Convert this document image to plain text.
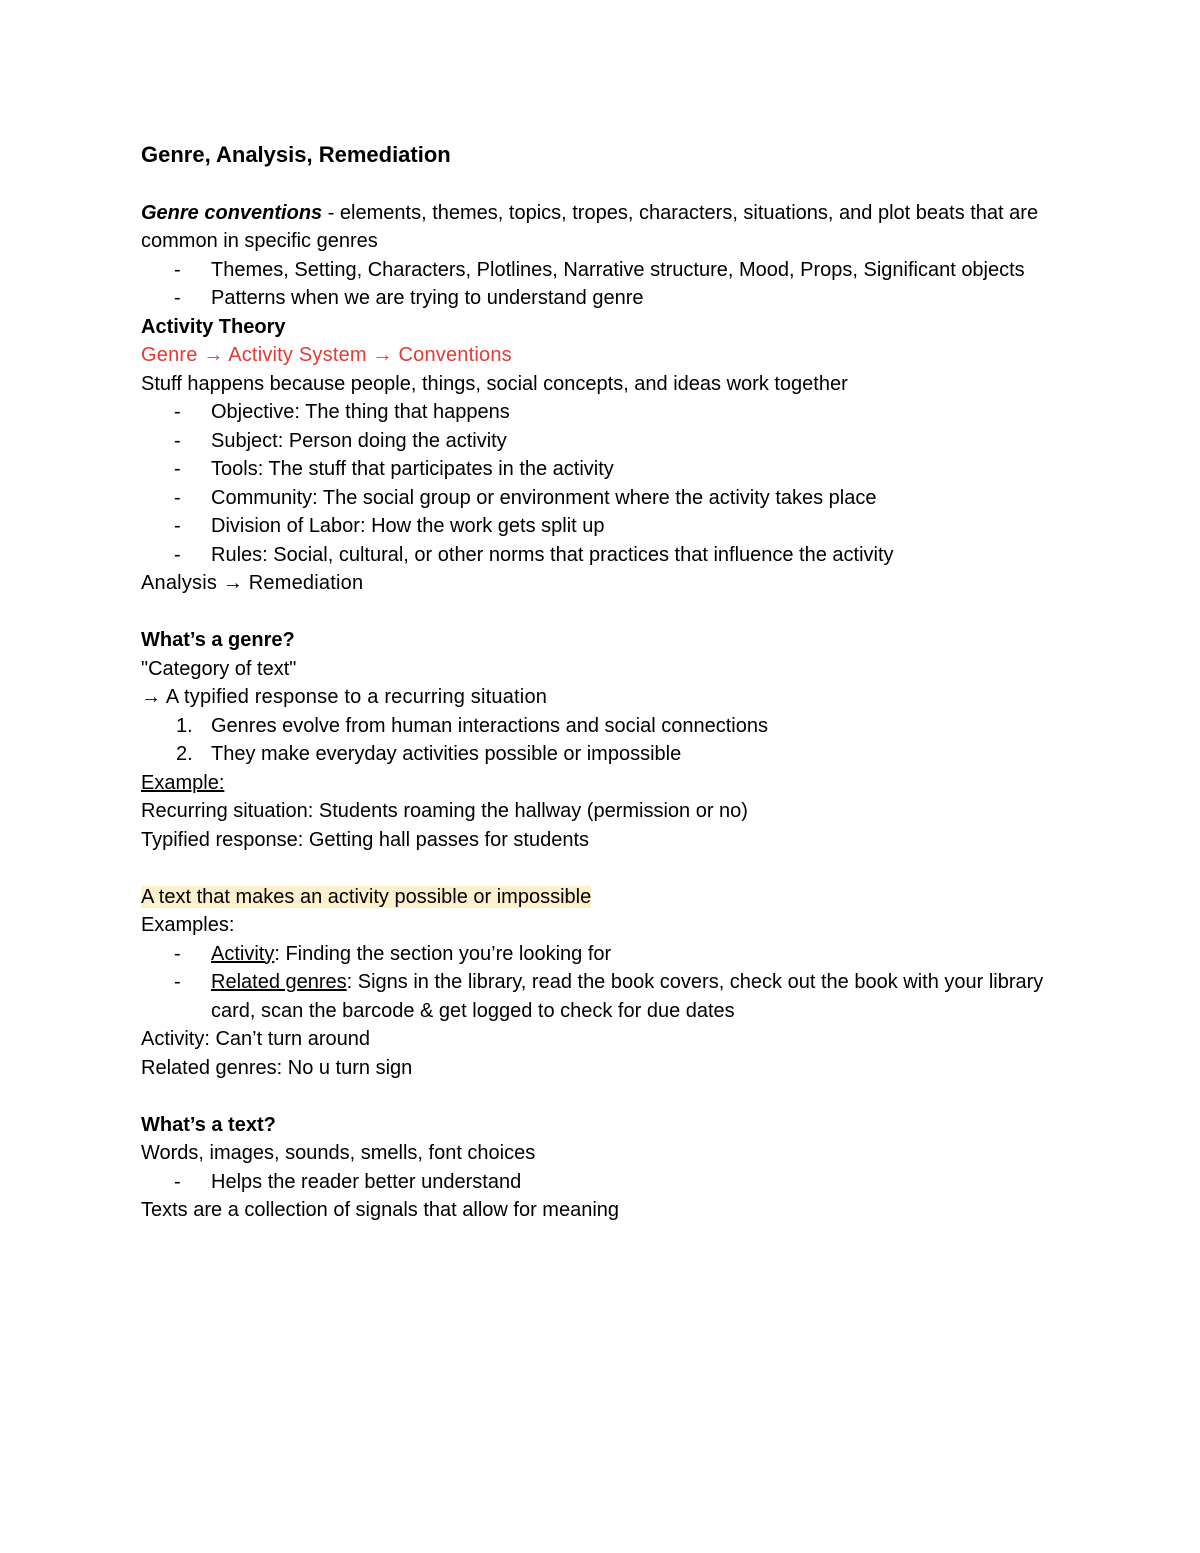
Genre, Analysis, Remediation

Genre conventions - elements, themes, topics, tropes, characters, situations, and plot beats that are common in specific genres

- Themes, Setting, Characters, Plotlines, Narrative structure, Mood, Props, Significant objects
- Patterns when we are trying to understand genre

Activity Theory

Genre → Activity System → Conventions

Stuff happens because people, things, social concepts, and ideas work together

- Objective: The thing that happens
- Subject: Person doing the activity
- Tools: The stuff that participates in the activity
- Community: The social group or environment where the activity takes place
- Division of Labor: How the work gets split up
- Rules: Social, cultural, or other norms that practices that influence the activity

Analysis → Remediation

What’s a genre?

"Category of text"

→ A typified response to a recurring situation

1. Genres evolve from human interactions and social connections
2. They make everyday activities possible or impossible

Example:

Recurring situation: Students roaming the hallway (permission or no)

Typified response: Getting hall passes for students

A text that makes an activity possible or impossible

Examples:

- Activity: Finding the section you’re looking for
- Related genres: Signs in the library, read the book covers, check out the book with your library card, scan the barcode & get logged to check for due dates

Activity: Can’t turn around

Related genres: No u turn sign

What’s a text?

Words, images, sounds, smells, font choices

- Helps the reader better understand

Texts are a collection of signals that allow for meaning
